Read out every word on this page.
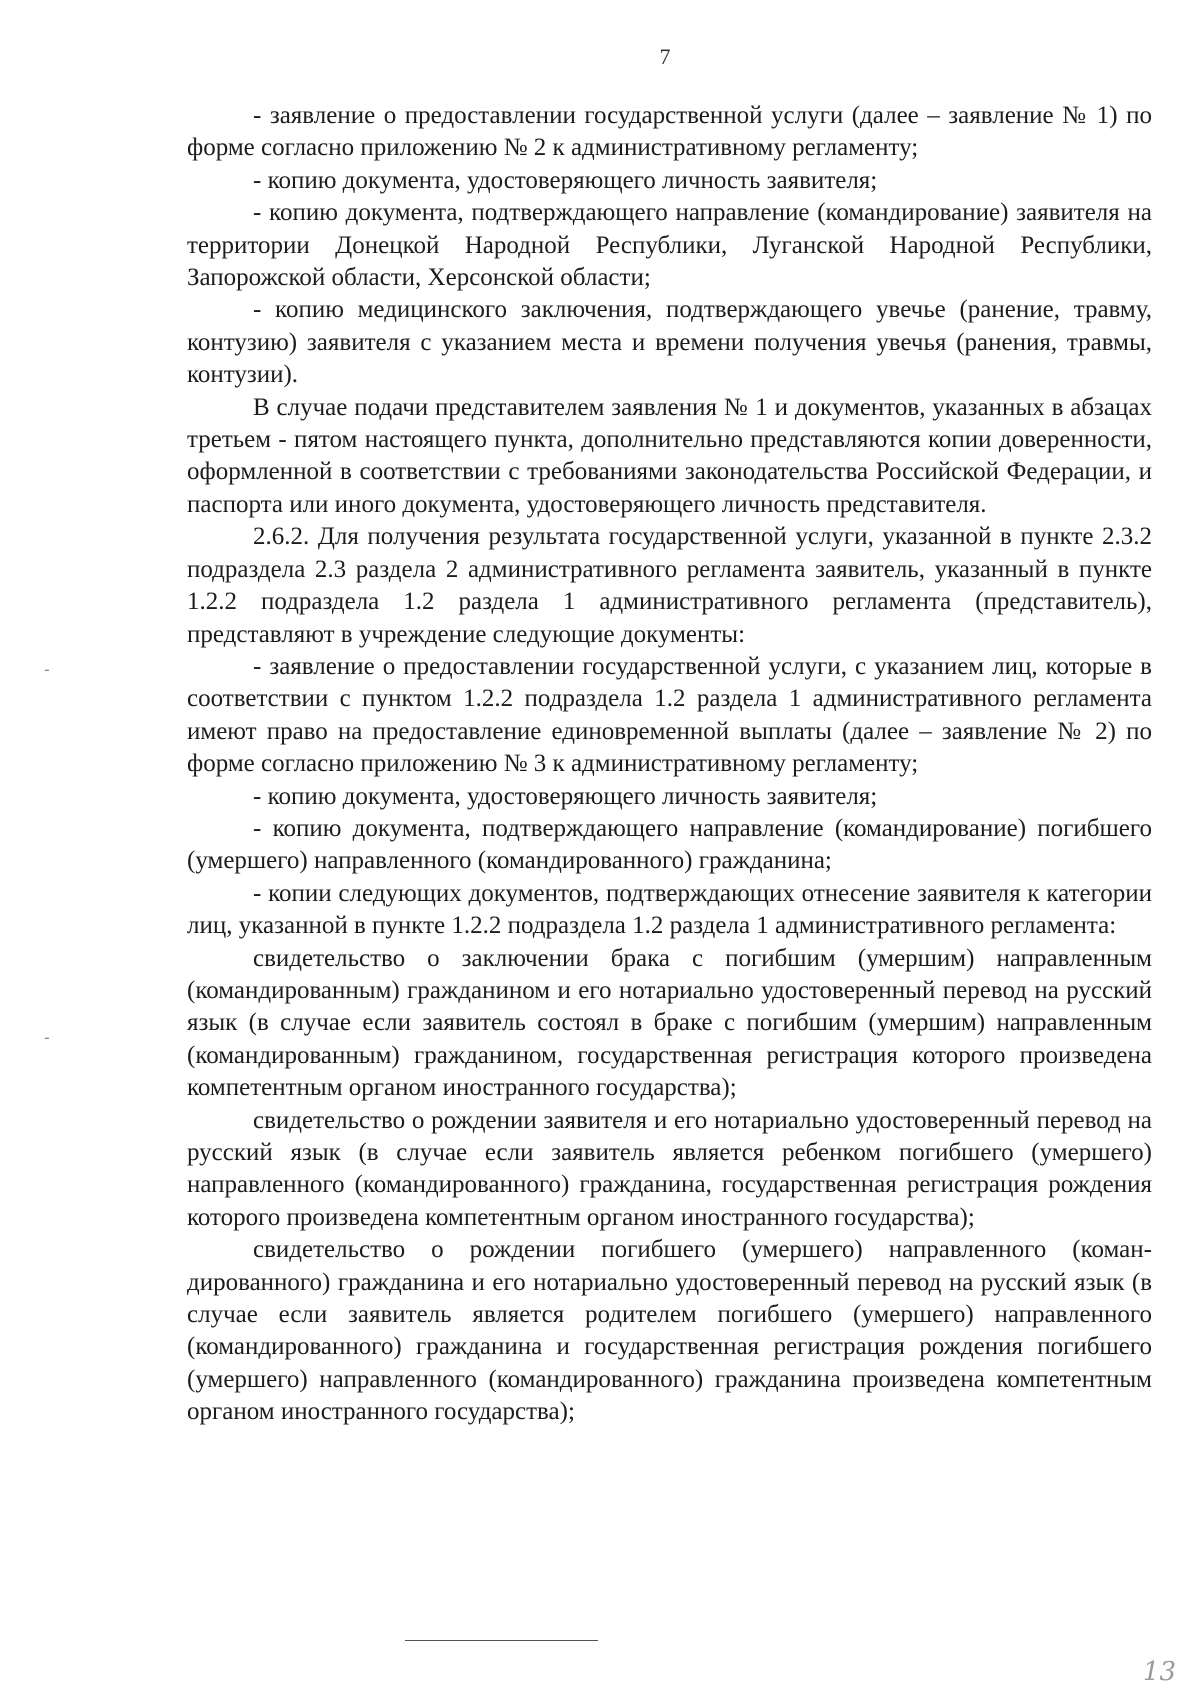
7

- заявление о предоставлении государственной услуги (далее – заявление № 1) по форме согласно приложению № 2 к административному регламенту;

- копию документа, удостоверяющего личность заявителя;

- копию документа, подтверждающего направление (командирование) заявителя на территории Донецкой Народной Республики, Луганской Народной Республики, Запорожской области, Херсонской области;

- копию медицинского заключения, подтверждающего увечье (ранение, травму, контузию) заявителя с указанием места и времени получения увечья (ранения, травмы, контузии).

В случае подачи представителем заявления № 1 и документов, указанных в абзацах третьем - пятом настоящего пункта, дополнительно представляются копии доверенности, оформленной в соответствии с требованиями законодательства Российской Федерации, и паспорта или иного документа, удостоверяющего личность представителя.

2.6.2. Для получения результата государственной услуги, указанной в пункте 2.3.2 подраздела 2.3 раздела 2 административного регламента заявитель, указанный в пункте 1.2.2 подраздела 1.2 раздела 1 административного регламента (представитель), представляют в учреждение следующие документы:

- заявление о предоставлении государственной услуги, с указанием лиц, которые в соответствии с пунктом 1.2.2 подраздела 1.2 раздела 1 административного регламента имеют право на предоставление единовременной выплаты (далее – заявление № 2) по форме согласно приложению № 3 к административному регламенту;

- копию документа, удостоверяющего личность заявителя;

- копию документа, подтверждающего направление (командирование) погибшего (умершего) направленного (командированного) гражданина;

- копии следующих документов, подтверждающих отнесение заявителя к категории лиц, указанной в пункте 1.2.2 подраздела 1.2 раздела 1 административного регламента:

свидетельство о заключении брака с погибшим (умершим) направленным (командированным) гражданином и его нотариально удостоверенный перевод на русский язык (в случае если заявитель состоял в браке с погибшим (умершим) направленным (командированным) гражданином, государственная регистрация которого произведена компетентным органом иностранного государства);

свидетельство о рождении заявителя и его нотариально удостоверенный перевод на русский язык (в случае если заявитель является ребенком погибшего (умершего) направленного (командированного) гражданина, государственная регистрация рождения которого произведена компетентным органом иностранного государства);

свидетельство о рождении погибшего (умершего) направленного (командированного) гражданина и его нотариально удостоверенный перевод на русский язык (в случае если заявитель является родителем погибшего (умершего) направленного (командированного) гражданина и государственная регистрация рождения погибшего (умершего) направленного (командированного) гражданина произведена компетентным органом иностранного государства);

‐
‐
13
